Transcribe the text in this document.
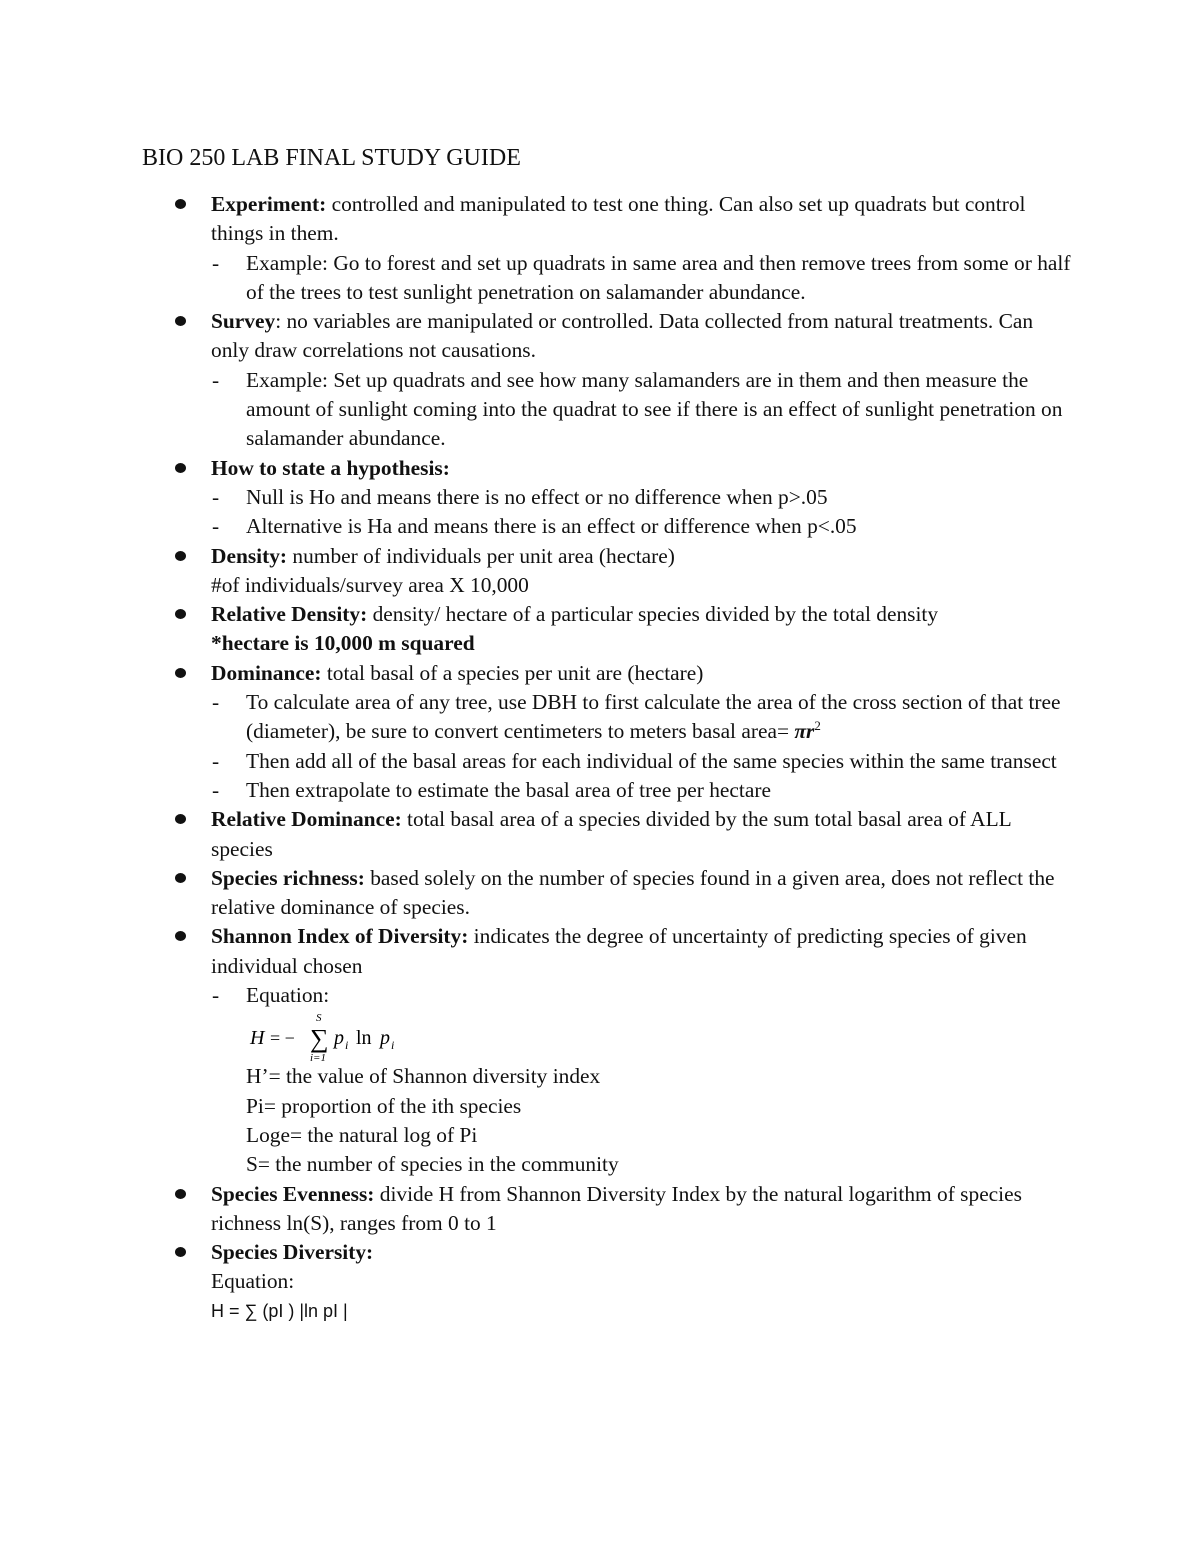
BIO 250 LAB FINAL STUDY GUIDE
Experiment: controlled and manipulated to test one thing. Can also set up quadrats but control things in them.
- Example: Go to forest and set up quadrats in same area and then remove trees from some or half of the trees to test sunlight penetration on salamander abundance.
Survey: no variables are manipulated or controlled. Data collected from natural treatments. Can only draw correlations not causations.
- Example: Set up quadrats and see how many salamanders are in them and then measure the amount of sunlight coming into the quadrat to see if there is an effect of sunlight penetration on salamander abundance.
How to state a hypothesis:
- Null is Ho and means there is no effect or no difference when p>.05
- Alternative is Ha and means there is an effect or difference when p<.05
Density: number of individuals per unit area (hectare)
#of individuals/survey area X 10,000
Relative Density: density/ hectare of a particular species divided by the total density
*hectare is 10,000 m squared
Dominance: total basal of a species per unit are (hectare)
- To calculate area of any tree, use DBH to first calculate the area of the cross section of that tree (diameter), be sure to convert centimeters to meters basal area= $\pi r^2$
- Then add all of the basal areas for each individual of the same species within the same transect
- Then extrapolate to estimate the basal area of tree per hectare
Relative Dominance: total basal area of a species divided by the sum total basal area of ALL species
Species richness: based solely on the number of species found in a given area, does not reflect the relative dominance of species.
Shannon Index of Diversity: indicates the degree of uncertainty of predicting species of given individual chosen
- Equation:
H = −
S
∑
i=1
p i ln p i
H’= the value of Shannon diversity index
Pi= proportion of the ith species
Loge= the natural log of Pi
S= the number of species in the community
Species Evenness: divide H from Shannon Diversity Index by the natural logarithm of species richness ln(S), ranges from 0 to 1
Species Diversity:
Equation:
H = ∑ (pI ) |ln pI |
